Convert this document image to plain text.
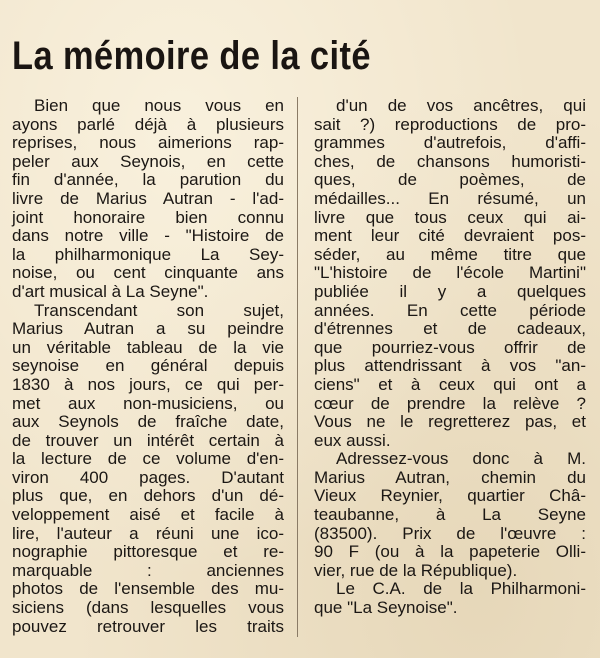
La mémoire de la cité
Bien que nous vous en
ayons parlé déjà à plusieurs
reprises, nous aimerions rap-
peler aux Seynois, en cette
fin d'année, la parution du
livre de Marius Autran - l'ad-
joint honoraire bien connu
dans notre ville - "Histoire de
la philharmonique La Sey-
noise, ou cent cinquante ans
d'art musical à La Seyne".
Transcendant son sujet,
Marius Autran a su peindre
un véritable tableau de la vie
seynoise en général depuis
1830 à nos jours, ce qui per-
met aux non-musiciens, ou
aux Seynols de fraîche date,
de trouver un intérêt certain à
la lecture de ce volume d'en-
viron 400 pages. D'autant
plus que, en dehors d'un dé-
veloppement aisé et facile à
lire, l'auteur a réuni une ico-
nographie pittoresque et re-
marquable : anciennes
photos de l'ensemble des mu-
siciens (dans lesquelles vous
pouvez retrouver les traits
d'un de vos ancêtres, qui
sait ?) reproductions de pro-
grammes d'autrefois, d'affi-
ches, de chansons humoristi-
ques, de poèmes, de
médailles... En résumé, un
livre que tous ceux qui ai-
ment leur cité devraient pos-
séder, au même titre que
"L'histoire de l'école Martini"
publiée il y a quelques
années. En cette période
d'étrennes et de cadeaux,
que pourriez-vous offrir de
plus attendrissant à vos "an-
ciens" et à ceux qui ont a
cœur de prendre la relève ?
Vous ne le regretterez pas, et
eux aussi.
Adressez-vous donc à M.
Marius Autran, chemin du
Vieux Reynier, quartier Châ-
teaubanne, à La Seyne
(83500). Prix de l'œuvre :
90 F (ou à la papeterie Olli-
vier, rue de la République).
Le C.A. de la Philharmoni-
que "La Seynoise".
